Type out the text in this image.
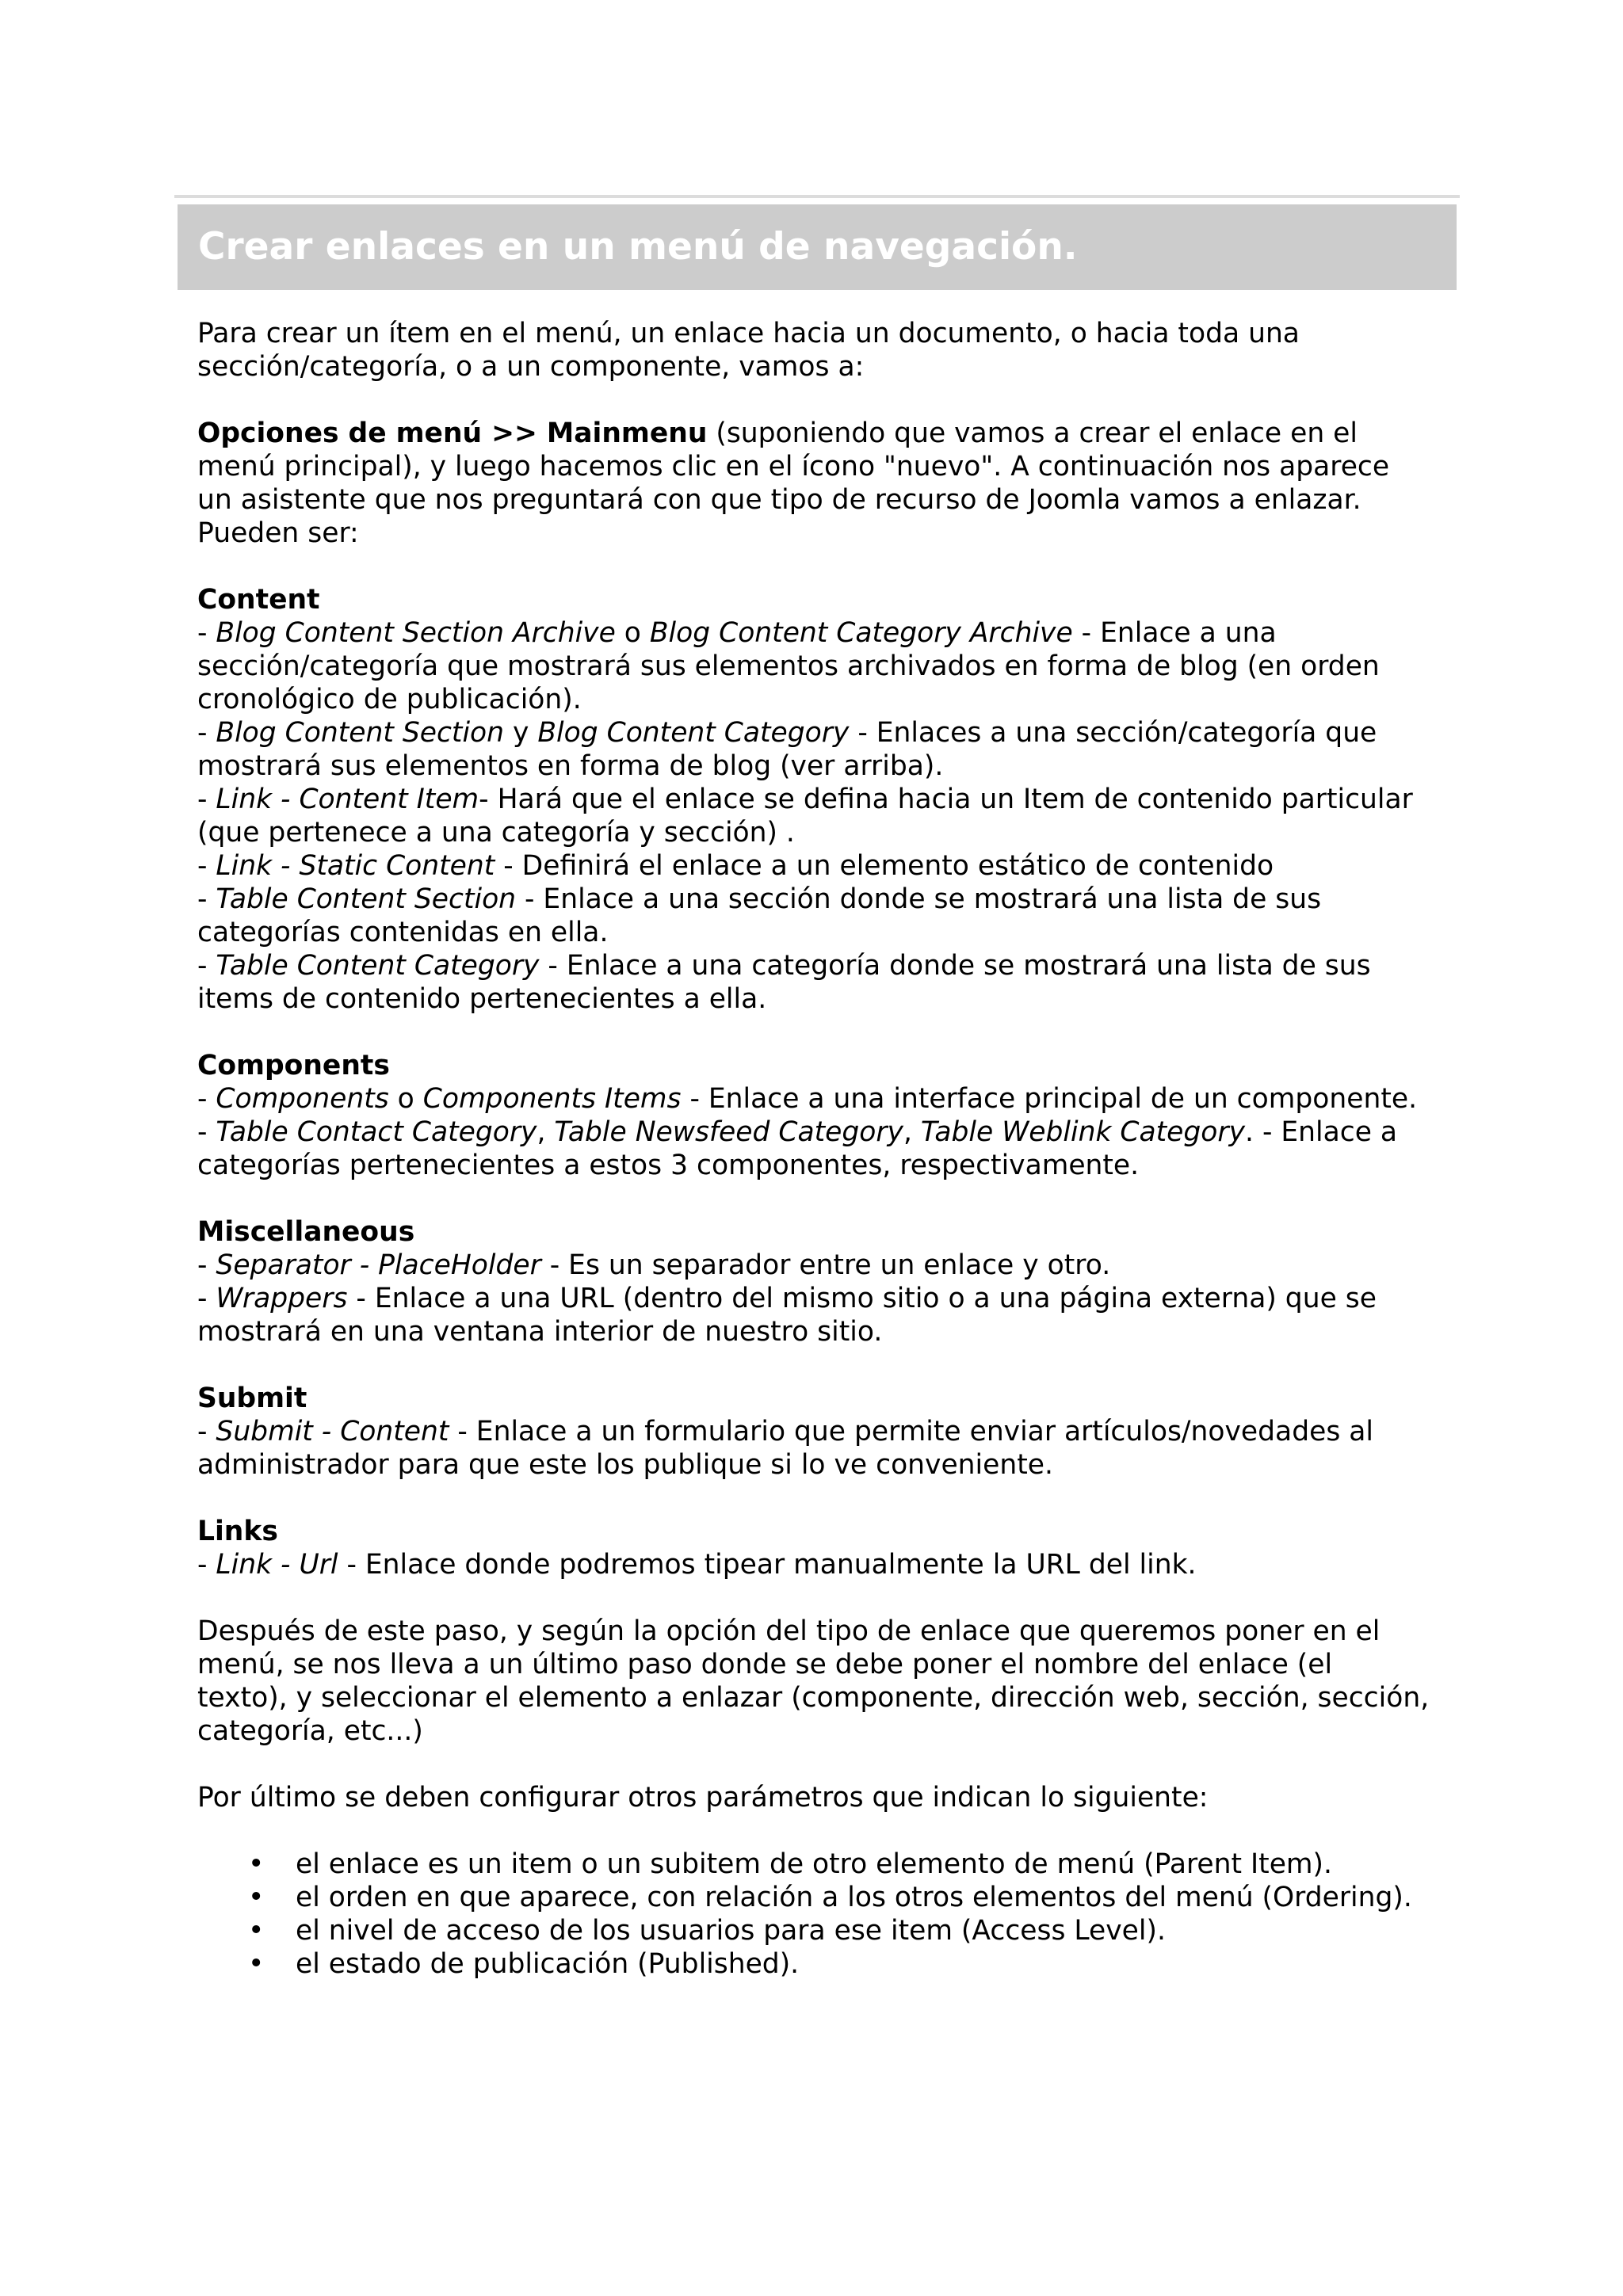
Crear enlaces en un menú de navegación.

Para crear un ítem en el menú, un enlace hacia un documento, o hacia toda una
sección/categoría, o a un componente, vamos a:

Opciones de menú >> Mainmenu (suponiendo que vamos a crear el enlace en el
menú principal), y luego hacemos clic en el ícono "nuevo". A continuación nos aparece
un asistente que nos preguntará con que tipo de recurso de Joomla vamos a enlazar.
Pueden ser:

Content
- Blog Content Section Archive o Blog Content Category Archive - Enlace a una
sección/categoría que mostrará sus elementos archivados en forma de blog (en orden
cronológico de publicación).
- Blog Content Section y Blog Content Category - Enlaces a una sección/categoría que
mostrará sus elementos en forma de blog (ver arriba).
- Link - Content Item- Hará que el enlace se defina hacia un Item de contenido particular
(que pertenece a una categoría y sección) .
- Link - Static Content - Definirá el enlace a un elemento estático de contenido
- Table Content Section - Enlace a una sección donde se mostrará una lista de sus
categorías contenidas en ella.
- Table Content Category - Enlace a una categoría donde se mostrará una lista de sus
items de contenido pertenecientes a ella.

Components
- Components o Components Items - Enlace a una interface principal de un componente.
- Table Contact Category, Table Newsfeed Category, Table Weblink Category. - Enlace a
categorías pertenecientes a estos 3 componentes, respectivamente.

Miscellaneous
- Separator - PlaceHolder - Es un separador entre un enlace y otro.
- Wrappers - Enlace a una URL (dentro del mismo sitio o a una página externa) que se
mostrará en una ventana interior de nuestro sitio.

Submit
- Submit - Content - Enlace a un formulario que permite enviar artículos/novedades al
administrador para que este los publique si lo ve conveniente.

Links
- Link - Url - Enlace donde podremos tipear manualmente la URL del link.

Después de este paso, y según la opción del tipo de enlace que queremos poner en el
menú, se nos lleva a un último paso donde se debe poner el nombre del enlace (el
texto), y seleccionar el elemento a enlazar (componente, dirección web, sección, sección,
categoría, etc...)

Por último se deben configurar otros parámetros que indican lo siguiente:

• el enlace es un item o un subitem de otro elemento de menú (Parent Item).
• el orden en que aparece, con relación a los otros elementos del menú (Ordering).
• el nivel de acceso de los usuarios para ese item (Access Level).
• el estado de publicación (Published).
